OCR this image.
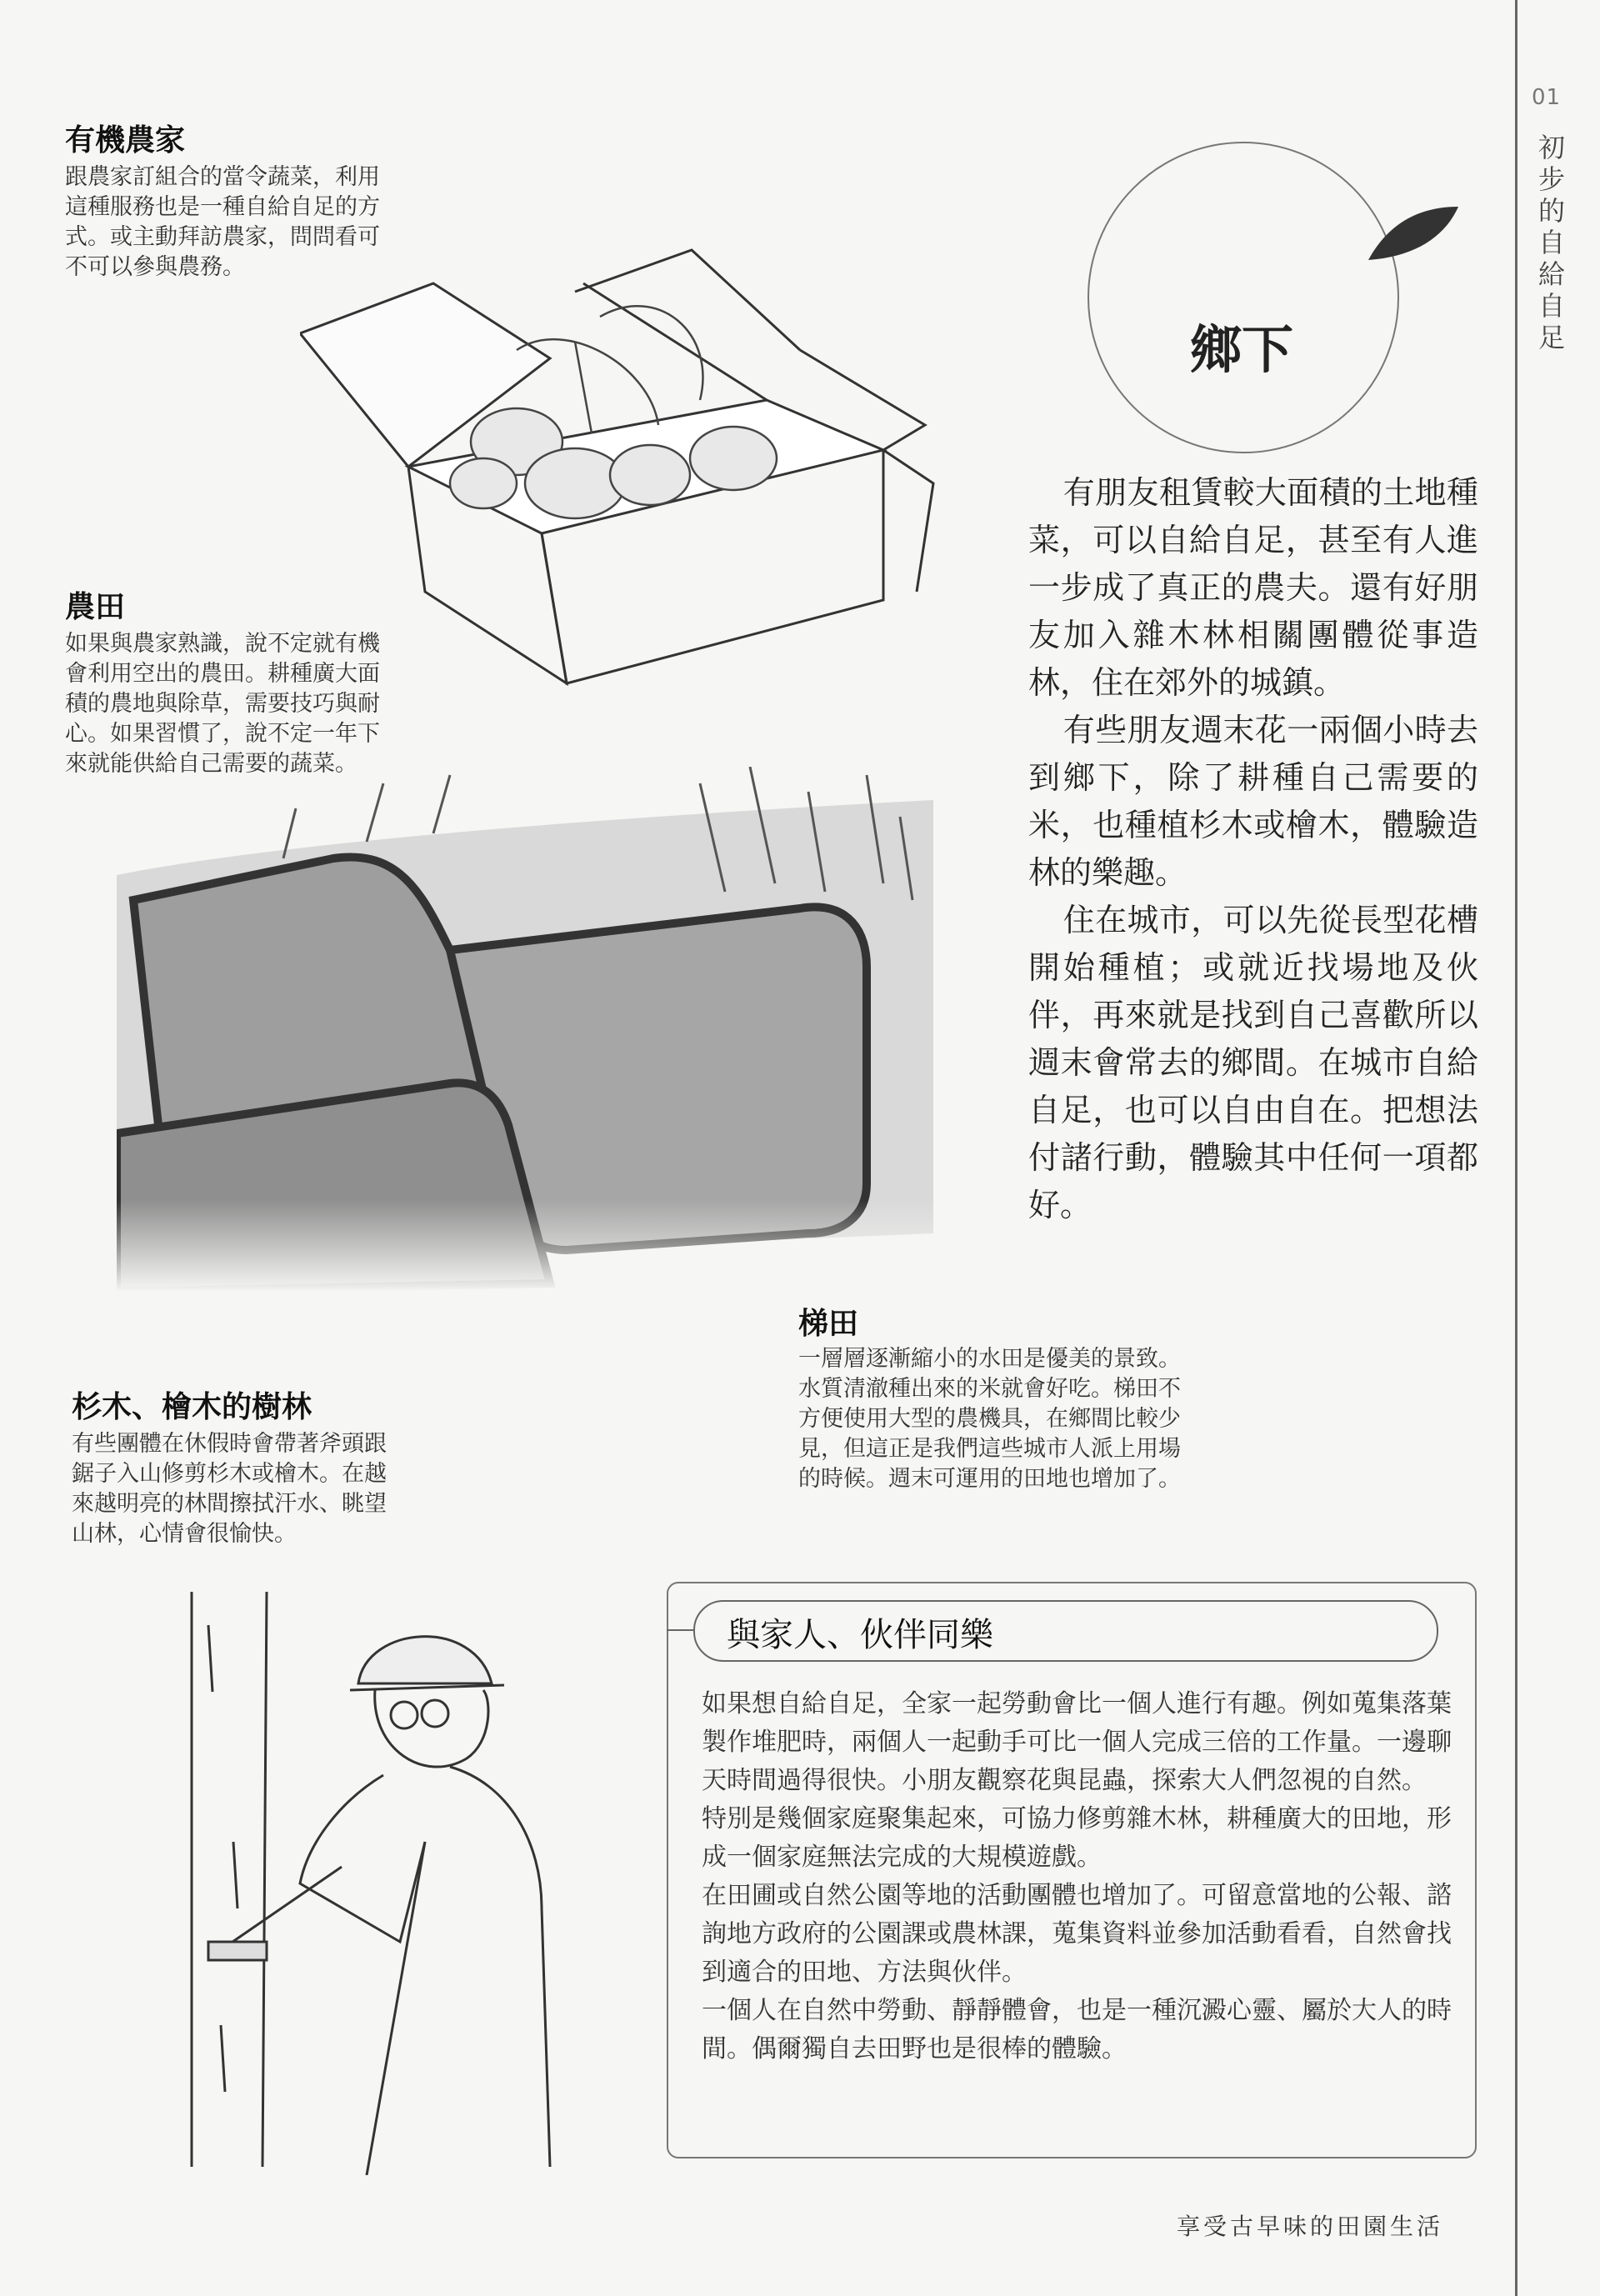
01
初步的自給自足
有機農家
跟農家訂組合的當令蔬菜，利用
這種服務也是一種自給自足的方
式。或主動拜訪農家，問問看可
不可以參與農務。
鄉下

有朋友租賃較大面積的土地種菜，可以自給自足，甚至有人進一步成了真正的農夫。還有好朋友加入雜木林相關團體從事造林，住在郊外的城鎮。

有些朋友週末花一兩個小時去到鄉下，除了耕種自己需要的米，也種植杉木或檜木，體驗造林的樂趣。

住在城市，可以先從長型花槽開始種植；或就近找場地及伙伴，再來就是找到自己喜歡所以週末會常去的鄉間。在城市自給自足，也可以自由自在。把想法付諸行動，體驗其中任何一項都好。

農田
如果與農家熟識，說不定就有機
會利用空出的農田。耕種廣大面
積的農地與除草，需要技巧與耐
心。如果習慣了，說不定一年下
來就能供給自己需要的蔬菜。
梯田
一層層逐漸縮小的水田是優美的景致。
水質清澈種出來的米就會好吃。梯田不
方便使用大型的農機具，在鄉間比較少
見，但這正是我們這些城市人派上用場
的時候。週末可運用的田地也增加了。
杉木、檜木的樹林
有些團體在休假時會帶著斧頭跟
鋸子入山修剪杉木或檜木。在越
來越明亮的林間擦拭汗水、眺望
山林，心情會很愉快。
與家人、伙伴同樂

如果想自給自足，全家一起勞動會比一個人進行有趣。例如蒐集落葉製作堆肥時，兩個人一起動手可比一個人完成三倍的工作量。一邊聊天時間過得很快。小朋友觀察花與昆蟲，探索大人們忽視的自然。

特別是幾個家庭聚集起來，可協力修剪雜木林，耕種廣大的田地，形成一個家庭無法完成的大規模遊戲。

在田圃或自然公園等地的活動團體也增加了。可留意當地的公報、諮詢地方政府的公園課或農林課，蒐集資料並參加活動看看，自然會找到適合的田地、方法與伙伴。

一個人在自然中勞動、靜靜體會，也是一種沉澱心靈、屬於大人的時間。偶爾獨自去田野也是很棒的體驗。

享受古早味的田園生活
